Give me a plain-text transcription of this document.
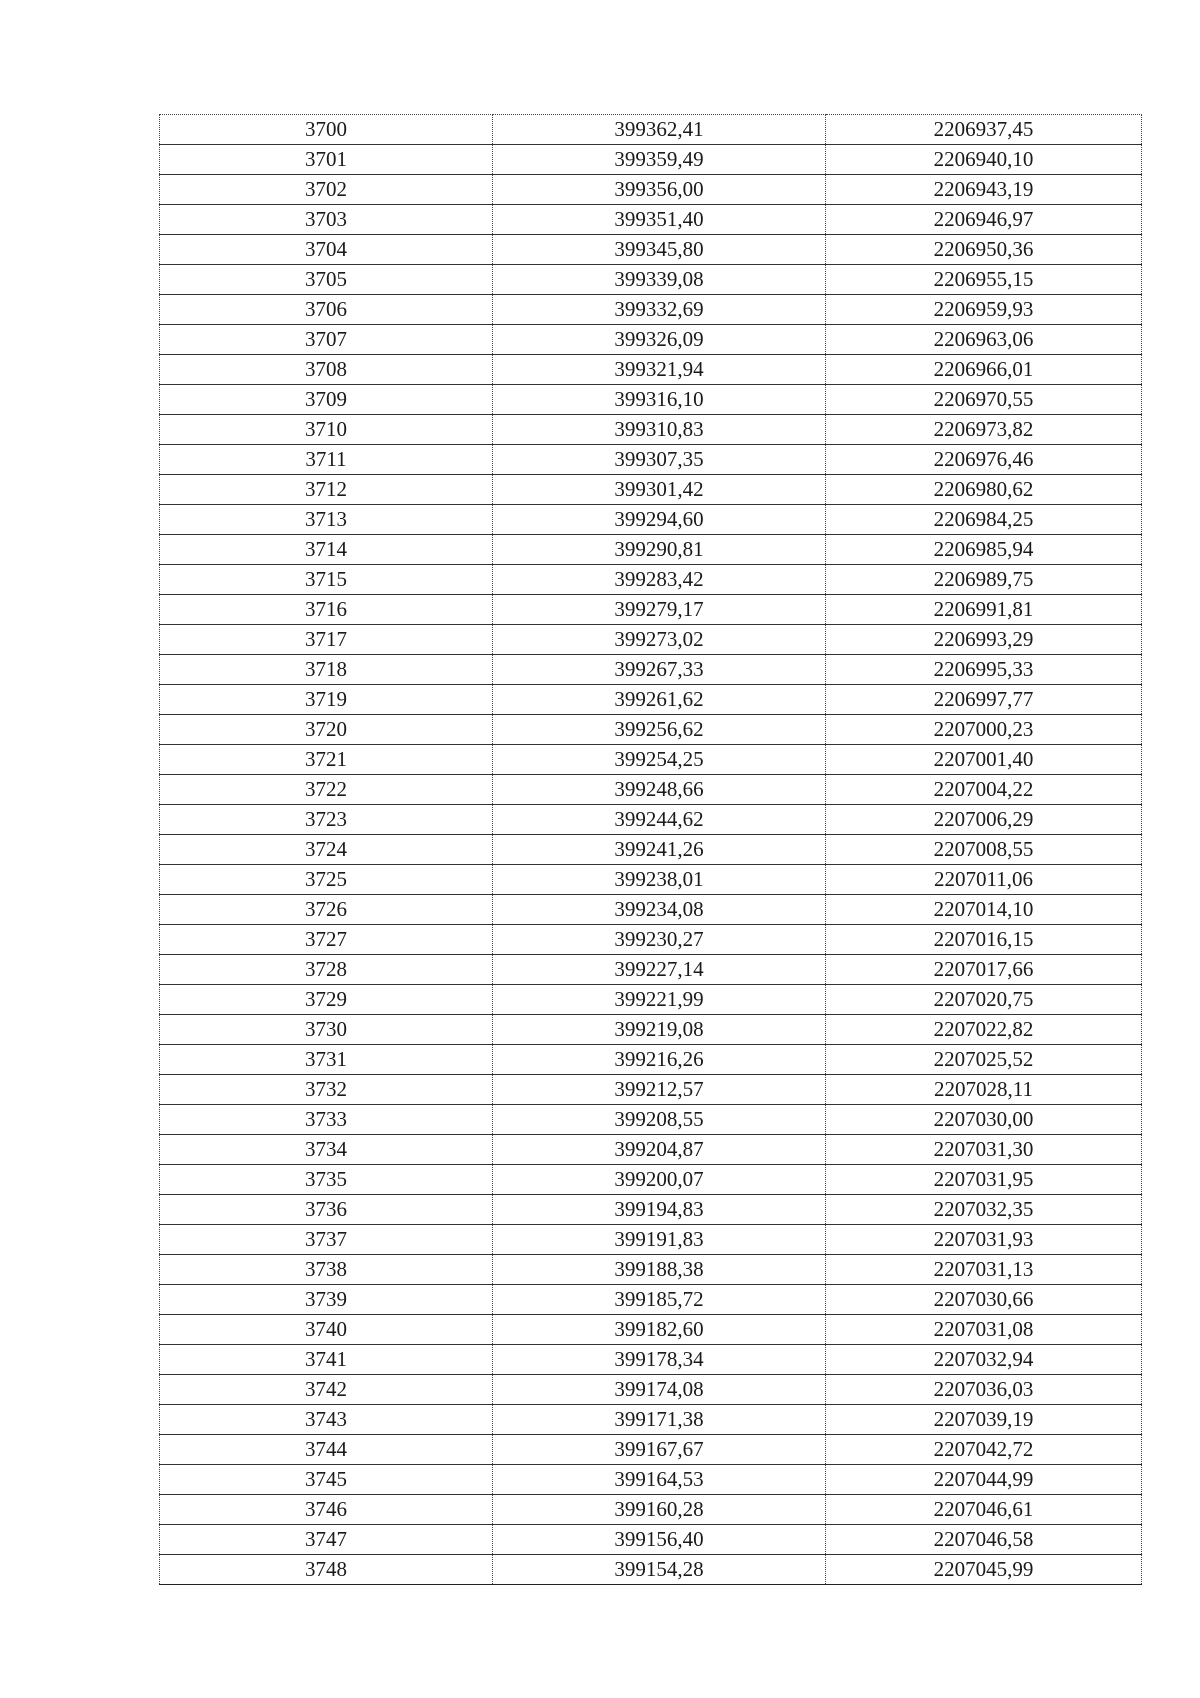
3700	399362,41	2206937,45
3701	399359,49	2206940,10
3702	399356,00	2206943,19
3703	399351,40	2206946,97
3704	399345,80	2206950,36
3705	399339,08	2206955,15
3706	399332,69	2206959,93
3707	399326,09	2206963,06
3708	399321,94	2206966,01
3709	399316,10	2206970,55
3710	399310,83	2206973,82
3711	399307,35	2206976,46
3712	399301,42	2206980,62
3713	399294,60	2206984,25
3714	399290,81	2206985,94
3715	399283,42	2206989,75
3716	399279,17	2206991,81
3717	399273,02	2206993,29
3718	399267,33	2206995,33
3719	399261,62	2206997,77
3720	399256,62	2207000,23
3721	399254,25	2207001,40
3722	399248,66	2207004,22
3723	399244,62	2207006,29
3724	399241,26	2207008,55
3725	399238,01	2207011,06
3726	399234,08	2207014,10
3727	399230,27	2207016,15
3728	399227,14	2207017,66
3729	399221,99	2207020,75
3730	399219,08	2207022,82
3731	399216,26	2207025,52
3732	399212,57	2207028,11
3733	399208,55	2207030,00
3734	399204,87	2207031,30
3735	399200,07	2207031,95
3736	399194,83	2207032,35
3737	399191,83	2207031,93
3738	399188,38	2207031,13
3739	399185,72	2207030,66
3740	399182,60	2207031,08
3741	399178,34	2207032,94
3742	399174,08	2207036,03
3743	399171,38	2207039,19
3744	399167,67	2207042,72
3745	399164,53	2207044,99
3746	399160,28	2207046,61
3747	399156,40	2207046,58
3748	399154,28	2207045,99
